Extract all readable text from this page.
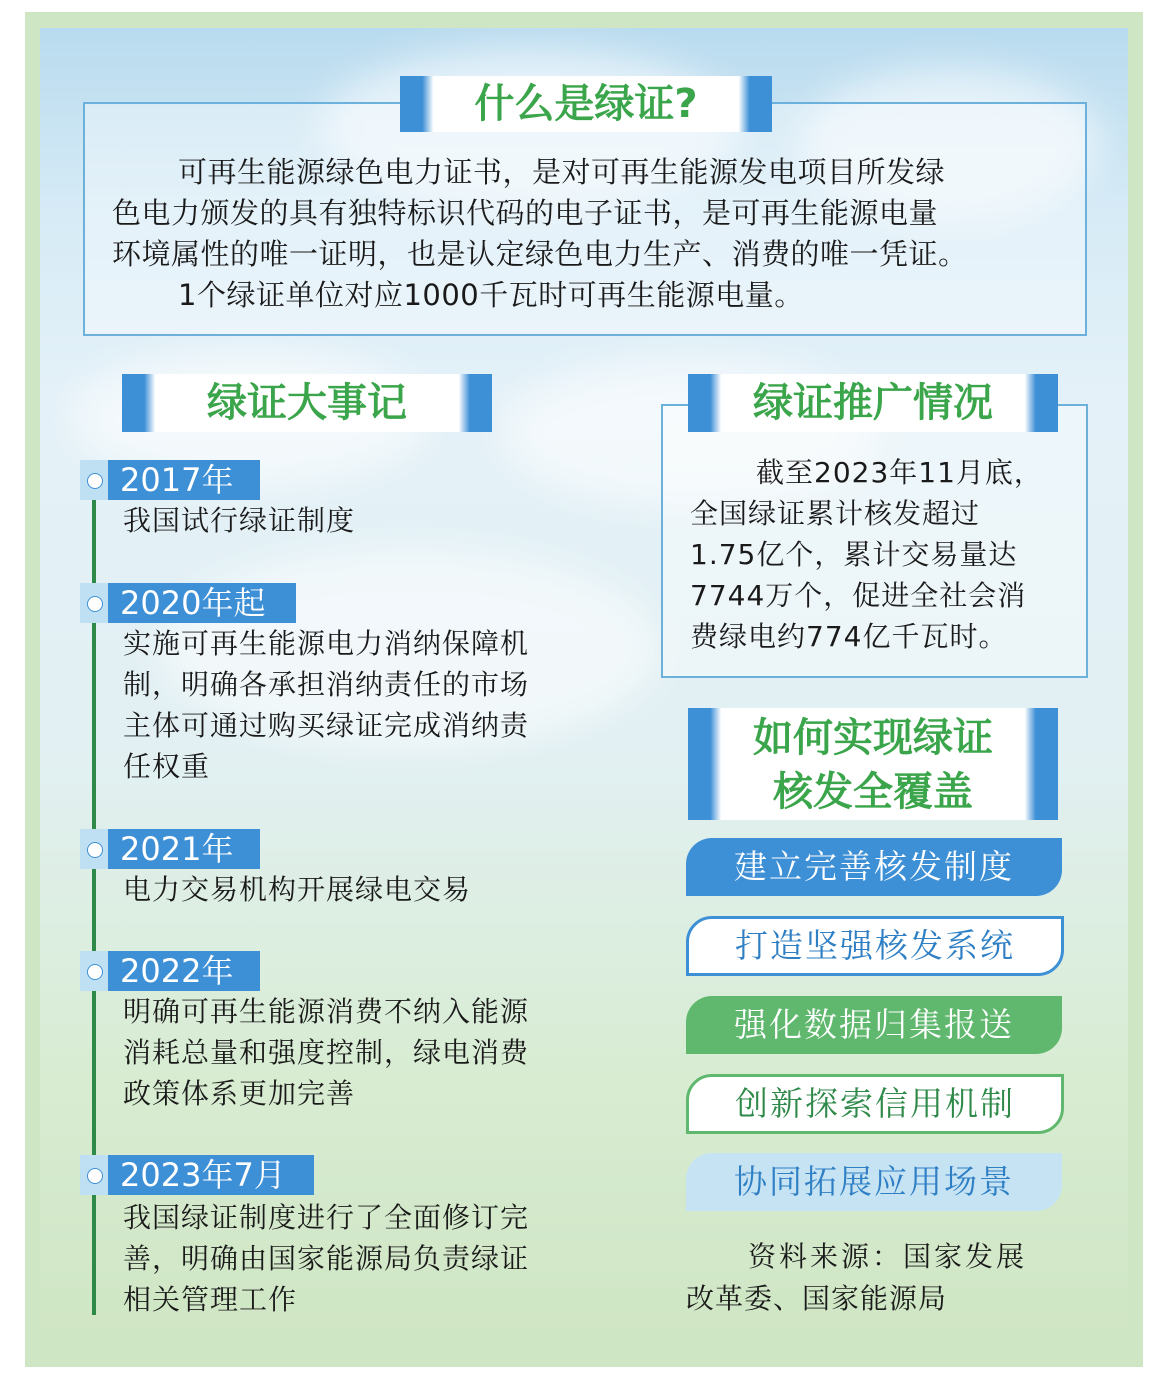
什么是绿证?
可再生能源绿色电力证书，是对可再生能源发电项目所发绿
色电力颁发的具有独特标识代码的电子证书，是可再生能源电量
环境属性的唯一证明，也是认定绿色电力生产、消费的唯一凭证。
1个绿证单位对应1000千瓦时可再生能源电量。
绿证大事记
2017年
我国试行绿证制度
2020年起
实施可再生能源电力消纳保障机
制，明确各承担消纳责任的市场
主体可通过购买绿证完成消纳责
任权重
2021年
电力交易机构开展绿电交易
2022年
明确可再生能源消费不纳入能源
消耗总量和强度控制，绿电消费
政策体系更加完善
2023年7月
我国绿证制度进行了全面修订完
善，明确由国家能源局负责绿证
相关管理工作
绿证推广情况
截至2023年11月底，
全国绿证累计核发超过
1.75亿个，累计交易量达
7744万个，促进全社会消
费绿电约774亿千瓦时。
如何实现绿证
核发全覆盖
建立完善核发制度
打造坚强核发系统
强化数据归集报送
创新探索信用机制
协同拓展应用场景
资料来源：国家发展
改革委、国家能源局
